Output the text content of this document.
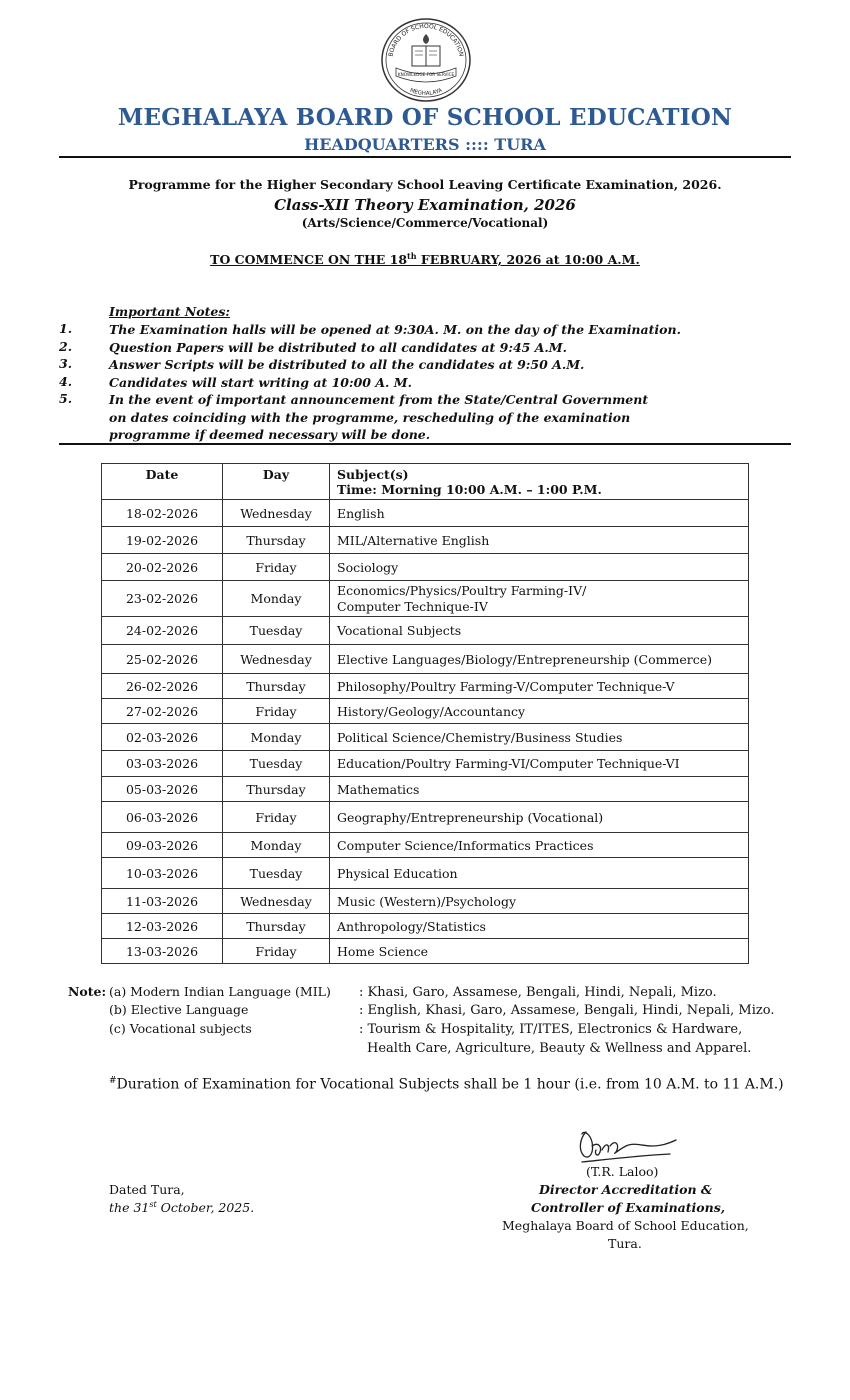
BOARD OF SCHOOL EDUCATION
KNOWLEDGE FOR SERVICE
MEGHALAYA
MEGHALAYA BOARD OF SCHOOL EDUCATION
HEADQUARTERS :::: TURA
Programme for the Higher Secondary School Leaving Certificate Examination, 2026.
Class-XII Theory Examination, 2026
(Arts/Science/Commerce/Vocational)
TO COMMENCE ON THE 18th FEBRUARY, 2026 at 10:00 A.M.
Important Notes:
1.	The Examination halls will be opened at 9:30A. M. on the day of the Examination.
2.	Question Papers will be distributed to all candidates at 9:45 A.M.
3.	Answer Scripts will be distributed to all the candidates at 9:50 A.M.
4.	Candidates will start writing at 10:00 A. M.
5.	In the event of important announcement from the State/Central Government on dates coinciding with the programme, rescheduling of the examination programme if deemed necessary will be done.
Date	Day	Subject(s)
Time: Morning 10:00 A.M. – 1:00 P.M.

18-02-2026	Wednesday	English
19-02-2026	Thursday	MIL/Alternative English
20-02-2026	Friday	Sociology
23-02-2026	Monday	Economics/Physics/Poultry Farming-IV/
Computer Technique-IV

24-02-2026	Tuesday	Vocational Subjects
25-02-2026	Wednesday	Elective Languages/Biology/Entrepreneurship (Commerce)
26-02-2026	Thursday	Philosophy/Poultry Farming-V/Computer Technique-V
27-02-2026	Friday	History/Geology/Accountancy
02-03-2026	Monday	Political Science/Chemistry/Business Studies
03-03-2026	Tuesday	Education/Poultry Farming-VI/Computer Technique-VI
05-03-2026	Thursday	Mathematics
06-03-2026	Friday	Geography/Entrepreneurship (Vocational)
09-03-2026	Monday	Computer Science/Informatics Practices
10-03-2026	Tuesday	Physical Education
11-03-2026	Wednesday	Music (Western)/Psychology
12-03-2026	Thursday	Anthropology/Statistics
13-03-2026	Friday	Home Science
Note: (a) Modern Indian Language (MIL) : Khasi, Garo, Assamese, Bengali, Hindi, Nepali, Mizo.
(b) Elective Language	: English, Khasi, Garo, Assamese, Bengali, Hindi, Nepali, Mizo.
(c) Vocational subjects	: Tourism & Hospitality, IT/ITES, Electronics & Hardware,
Health Care, Agriculture, Beauty & Wellness and Apparel.
#Duration of Examination for Vocational Subjects shall be 1 hour (i.e. from 10 A.M. to 11 A.M.)
(T.R. Laloo)
Dated Tura,
the 31st October, 2025.
Director Accreditation &
Controller of Examinations,
Meghalaya Board of School Education,
Tura.
